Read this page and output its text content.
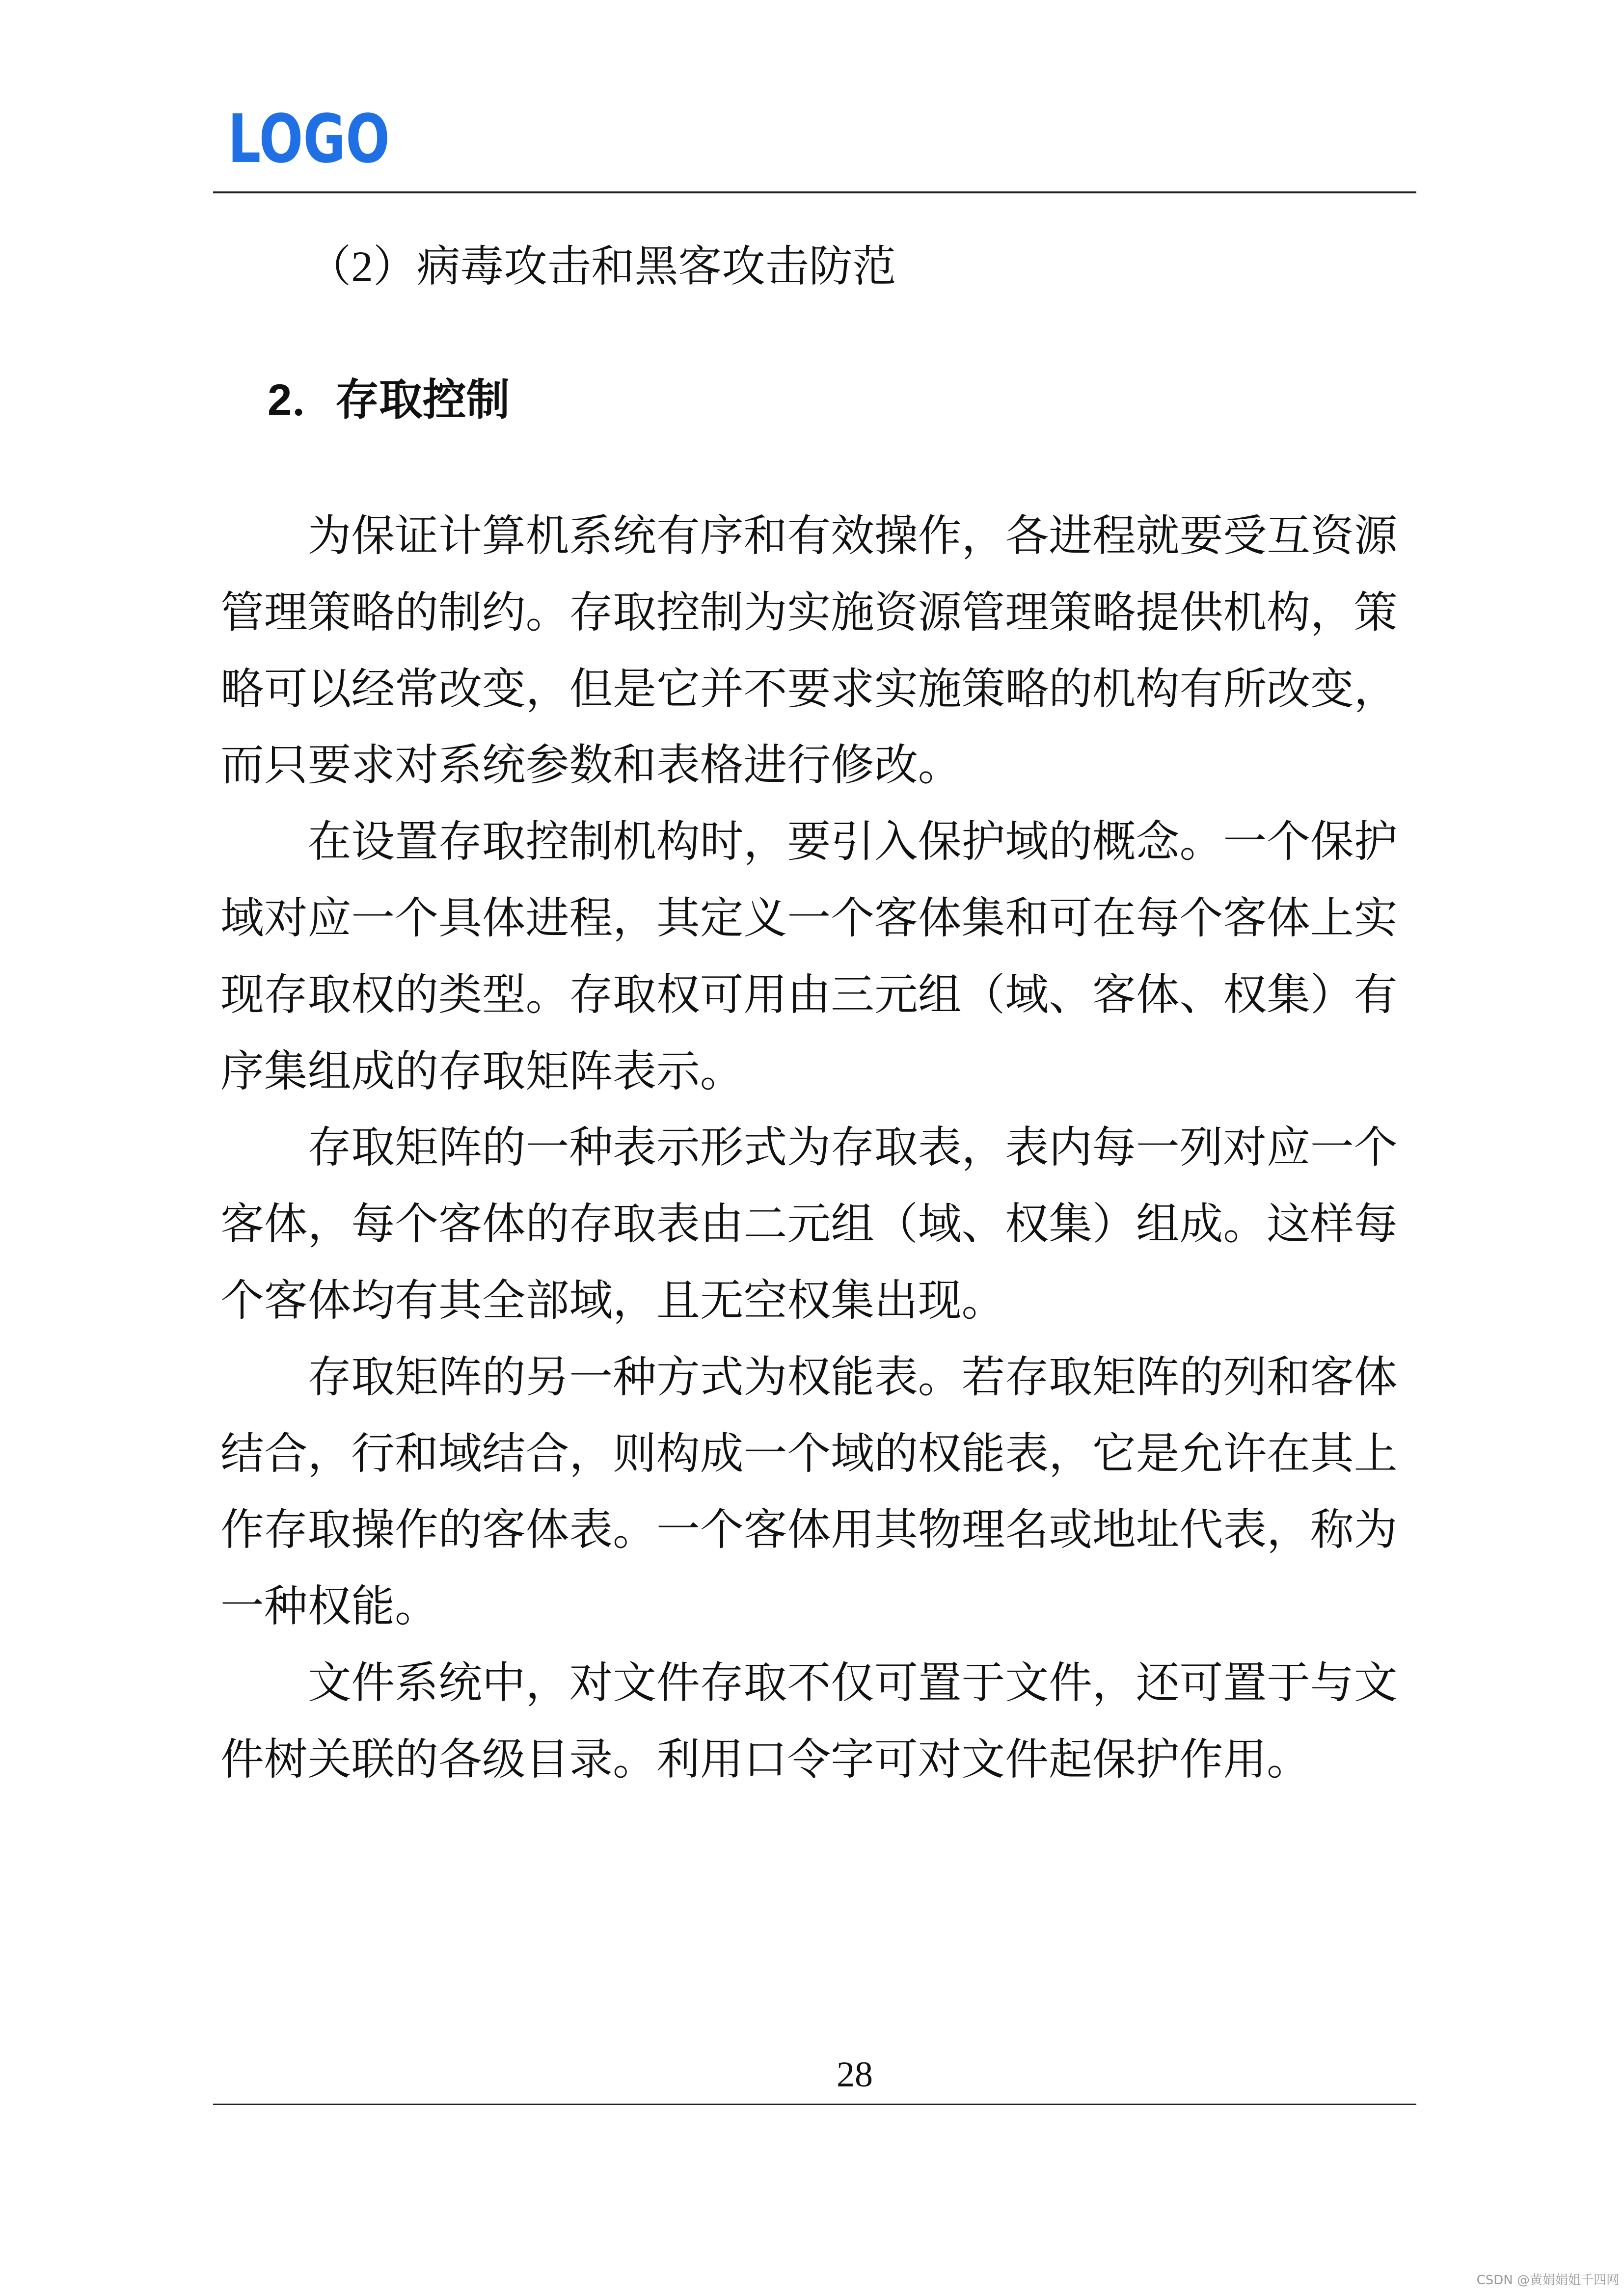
LOGO
（2）病毒攻击和黑客攻击防范
2．存取控制
为保证计算机系统有序和有效操作，各进程就要受互资源
管理策略的制约。存取控制为实施资源管理策略提供机构，策
略可以经常改变，但是它并不要求实施策略的机构有所改变，
而只要求对系统参数和表格进行修改。
在设置存取控制机构时，要引入保护域的概念。一个保护
域对应一个具体进程，其定义一个客体集和可在每个客体上实
现存取权的类型。存取权可用由三元组（域、客体、权集）有
序集组成的存取矩阵表示。
存取矩阵的一种表示形式为存取表，表内每一列对应一个
客体，每个客体的存取表由二元组（域、权集）组成。这样每
个客体均有其全部域，且无空权集出现。
存取矩阵的另一种方式为权能表。若存取矩阵的列和客体
结合，行和域结合，则构成一个域的权能表，它是允许在其上
作存取操作的客体表。一个客体用其物理名或地址代表，称为
一种权能。
文件系统中，对文件存取不仅可置于文件，还可置于与文
件树关联的各级目录。利用口令字可对文件起保护作用。
28
CSDN @黄娟娟姐千四网
